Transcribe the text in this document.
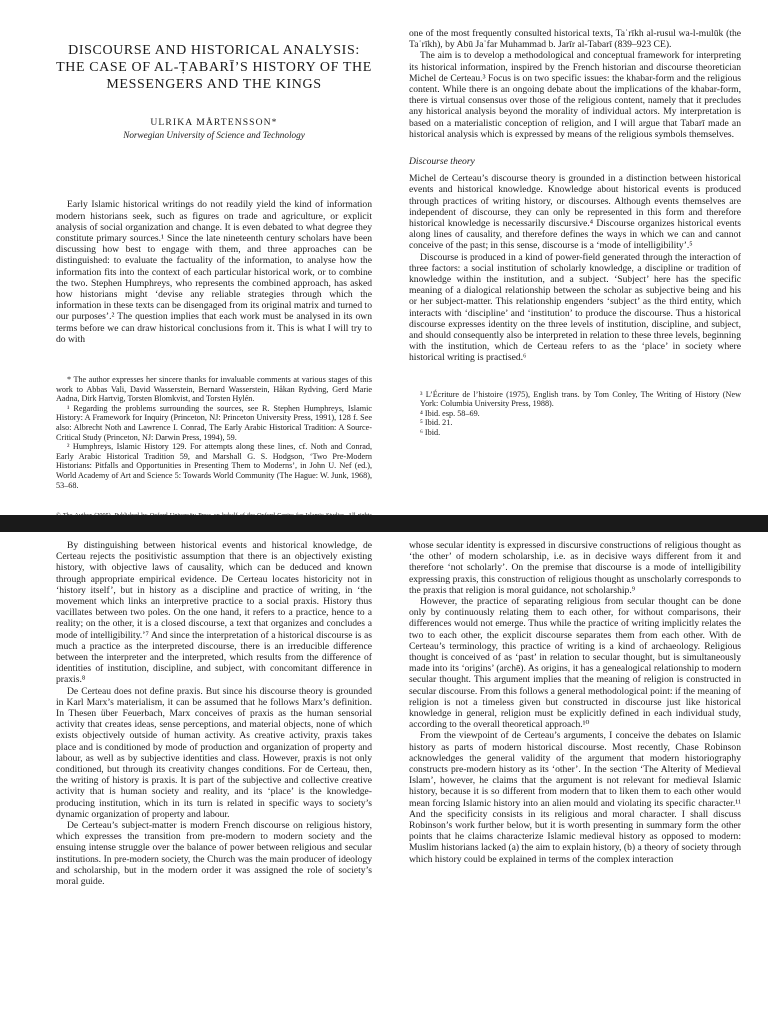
DISCOURSE AND HISTORICAL ANALYSIS: THE CASE OF AL-ṬABARĪ’S HISTORY OF THE MESSENGERS AND THE KINGS
ULRIKA MÅRTENSSON*
Norwegian University of Science and Technology

Early Islamic historical writings do not readily yield the kind of information modern historians seek, such as figures on trade and agriculture, or explicit analysis of social organization and change. It is even debated to what degree they constitute primary sources.¹ Since the late nineteenth century scholars have been discussing how best to engage with them, and three approaches can be distinguished: to evaluate the factuality of the information, to analyse how the information fits into the context of each particular historical work, or to combine the two. Stephen Humphreys, who represents the combined approach, has asked how historians might ‘devise any reliable strategies through which the information in these texts can be disengaged from its original matrix and turned to our purposes’.² The question implies that each work must be analysed in its own terms before we can draw historical conclusions from it. This is what I will try to do with

* The author expresses her sincere thanks for invaluable comments at various stages of this work to Abbas Vali, David Wasserstein, Bernard Wasserstein, Håkan Rydving, Gerd Marie Aadna, Dirk Hartvig, Torsten Blomkvist, and Torsten Hylén.

¹ Regarding the problems surrounding the sources, see R. Stephen Humphreys, Islamic History: A Framework for Inquiry (Princeton, NJ: Princeton University Press, 1991), 128 f. See also: Albrecht Noth and Lawrence I. Conrad, The Early Arabic Historical Tradition: A Source-Critical Study (Princeton, NJ: Darwin Press, 1994), 59.

² Humphreys, Islamic History 129. For attempts along these lines, cf. Noth and Conrad, Early Arabic Historical Tradition 59, and Marshall G. S. Hodgson, ‘Two Pre-Modern Historians: Pitfalls and Opportunities in Presenting Them to Moderns’, in John U. Nef (ed.), World Academy of Art and Science 5: Towards World Community (The Hague: W. Junk, 1968), 53–68.

one of the most frequently consulted historical texts, Taʾrīkh al-rusul wa-l-mulūk (the Taʾrīkh), by Abū Jaʿfar Muhammad b. Jarīr al-Tabarī (839–923 CE).

The aim is to develop a methodological and conceptual framework for interpreting its historical information, inspired by the French historian and discourse theoretician Michel de Certeau.³ Focus is on two specific issues: the khabar-form and the religious content. While there is an ongoing debate about the implications of the khabar-form, there is virtual consensus over those of the religious content, namely that it precludes any historical analysis beyond the morality of individual actors. My interpretation is based on a materialistic conception of religion, and I will argue that Tabarī made an historical analysis which is expressed by means of the religious symbols themselves.

Discourse theory

Michel de Certeau’s discourse theory is grounded in a distinction between historical events and historical knowledge. Knowledge about historical events is produced through practices of writing history, or discourses. Although events themselves are independent of discourse, they can only be represented in this form and therefore historical knowledge is necessarily discursive.⁴ Discourse organizes historical events along lines of causality, and therefore defines the ways in which we can and cannot conceive of the past; in this sense, discourse is a ‘mode of intelligibility’.⁵

Discourse is produced in a kind of power-field generated through the interaction of three factors: a social institution of scholarly knowledge, a discipline or tradition of knowledge within the institution, and a subject. ‘Subject’ here has the specific meaning of a dialogical relationship between the scholar as subjective being and his or her subject-matter. This relationship engenders ‘subject’ as the third entity, which interacts with ‘discipline’ and ‘institution’ to produce the discourse. Thus a historical discourse expresses identity on the three levels of institution, discipline, and subject, and should consequently also be interpreted in relation to these three levels, beginning with the institution, which de Certeau refers to as the ‘place’ in society where historical writing is practised.⁶

³ L’Écriture de l’histoire (1975), English trans. by Tom Conley, The Writing of History (New York: Columbia University Press, 1988).

⁴ Ibid. esp. 58–69.

⁵ Ibid. 21.

⁶ Ibid.

By distinguishing between historical events and historical knowledge, de Certeau rejects the positivistic assumption that there is an objectively existing history, with objective laws of causality, which can be deduced and known through appropriate empirical evidence. De Certeau locates historicity not in ‘history itself’, but in history as a discipline and practice of writing, in ‘the movement which links an interpretive practice to a social praxis. History thus vacillates between two poles. On the one hand, it refers to a practice, hence to a reality; on the other, it is a closed discourse, a text that organizes and concludes a mode of intelligibility.’⁷ And since the interpretation of a historical discourse is as much a practice as the interpreted discourse, there is an irreducible difference between the interpreter and the interpreted, which results from the difference of identities of institution, discipline, and subject, with concomitant difference in praxis.⁸

De Certeau does not define praxis. But since his discourse theory is grounded in Karl Marx’s materialism, it can be assumed that he follows Marx’s definition. In Thesen über Feuerbach, Marx conceives of praxis as the human sensorial activity that creates ideas, sense perceptions, and material objects, none of which exists objectively outside of human activity. As creative activity, praxis takes place and is conditioned by mode of production and organization of property and labour, as well as by subjective identities and class. However, praxis is not only conditioned, but through its creativity changes conditions. For de Certeau, then, the writing of history is praxis. It is part of the subjective and collective creative activity that is human society and reality, and its ‘place’ is the knowledge-producing institution, which in its turn is related in specific ways to society’s dynamic organization of property and labour.

De Certeau’s subject-matter is modern French discourse on religious history, which expresses the transition from pre-modern to modern society and the ensuing intense struggle over the balance of power between religious and secular institutions. In pre-modern society, the Church was the main producer of ideology and scholarship, but in the modern order it was assigned the role of society’s moral guide.

whose secular identity is expressed in discursive constructions of religious thought as ‘the other’ of modern scholarship, i.e. as in decisive ways different from it and therefore ‘not scholarly’. On the premise that discourse is a mode of intelligibility expressing praxis, this construction of religious thought as unscholarly corresponds to the praxis that religion is moral guidance, not scholarship.⁹

However, the practice of separating religious from secular thought can be done only by continuously relating them to each other, for without comparisons, their differences would not emerge. Thus while the practice of writing implicitly relates the two to each other, the explicit discourse separates them from each other. With de Certeau’s terminology, this practice of writing is a kind of archaeology. Religious thought is conceived of as ‘past’ in relation to secular thought, but is simultaneously made into its ‘origins’ (archē). As origins, it has a genealogical relationship to modern secular thought. This argument implies that the meaning of religion is constructed in secular discourse. From this follows a general methodological point: if the meaning of religion is not a timeless given but constructed in discourse just like historical knowledge in general, religion must be explicitly defined in each individual study, according to the overall theoretical approach.¹⁰

From the viewpoint of de Certeau’s arguments, I conceive the debates on Islamic history as parts of modern historical discourse. Most recently, Chase Robinson acknowledges the general validity of the argument that modern historiography constructs pre-modern history as its ‘other’. In the section ‘The Alterity of Medieval Islam’, however, he claims that the argument is not relevant for medieval Islamic history, because it is so different from modern that to liken them to each other would mean forcing Islamic history into an alien mould and violating its specific character.¹¹ And the specificity consists in its religious and moral character. I shall discuss Robinson’s work further below, but it is worth presenting in summary form the other points that he claims characterize Islamic medieval history as opposed to modern: Muslim historians lacked (a) the aim to explain history, (b) a theory of society through which history could be explained in terms of the complex interaction
